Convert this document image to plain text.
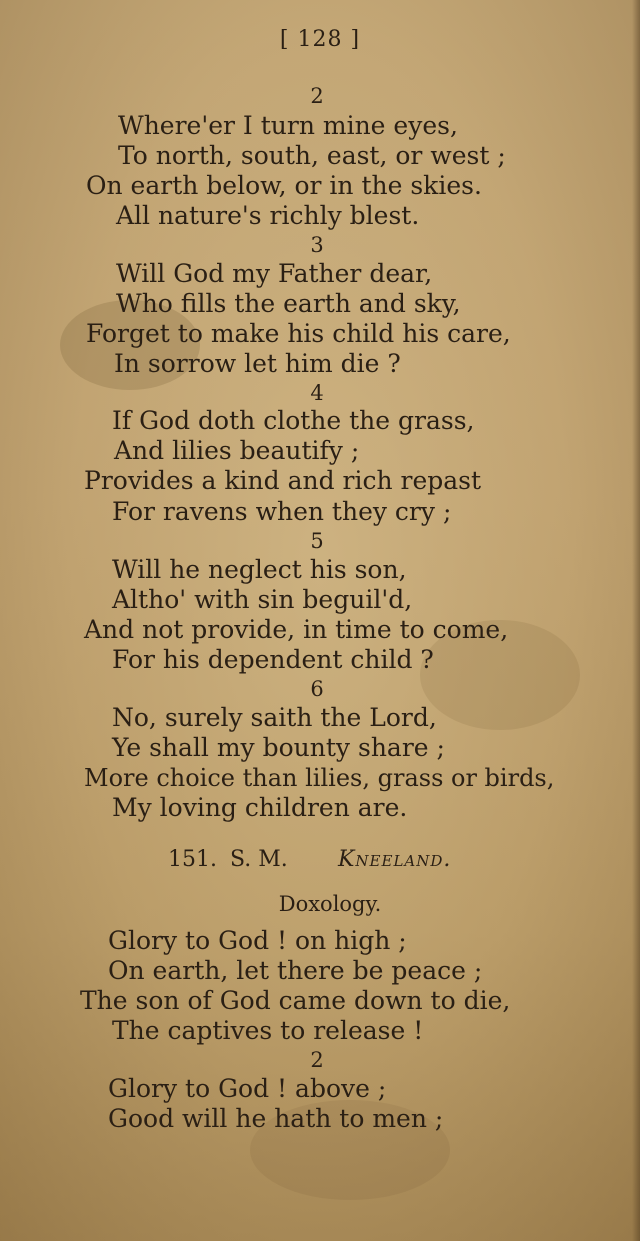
[ 128 ]
2
Where'er I turn mine eyes,
To north, south, east, or west ;
On earth below, or in the skies.
All nature's richly blest.
3
Will God my Father dear,
Who fills the earth and sky,
Forget to make his child his care,
In sorrow let him die ?
4
If God doth clothe the grass,
And lilies beautify ;
Provides a kind and rich repast
For ravens when they cry ;
5
Will he neglect his son,
Altho' with sin beguil'd,
And not provide, in time to come,
For his dependent child ?
6
No, surely saith the Lord,
Ye shall my bounty share ;
More choice than lilies, grass or birds,
My loving children are.
151. S. M. Kneeland.
Doxology.
Glory to God ! on high ;
On earth, let there be peace ;
The son of God came down to die,
The captives to release !
2
Glory to God ! above ;
Good will he hath to men ;
